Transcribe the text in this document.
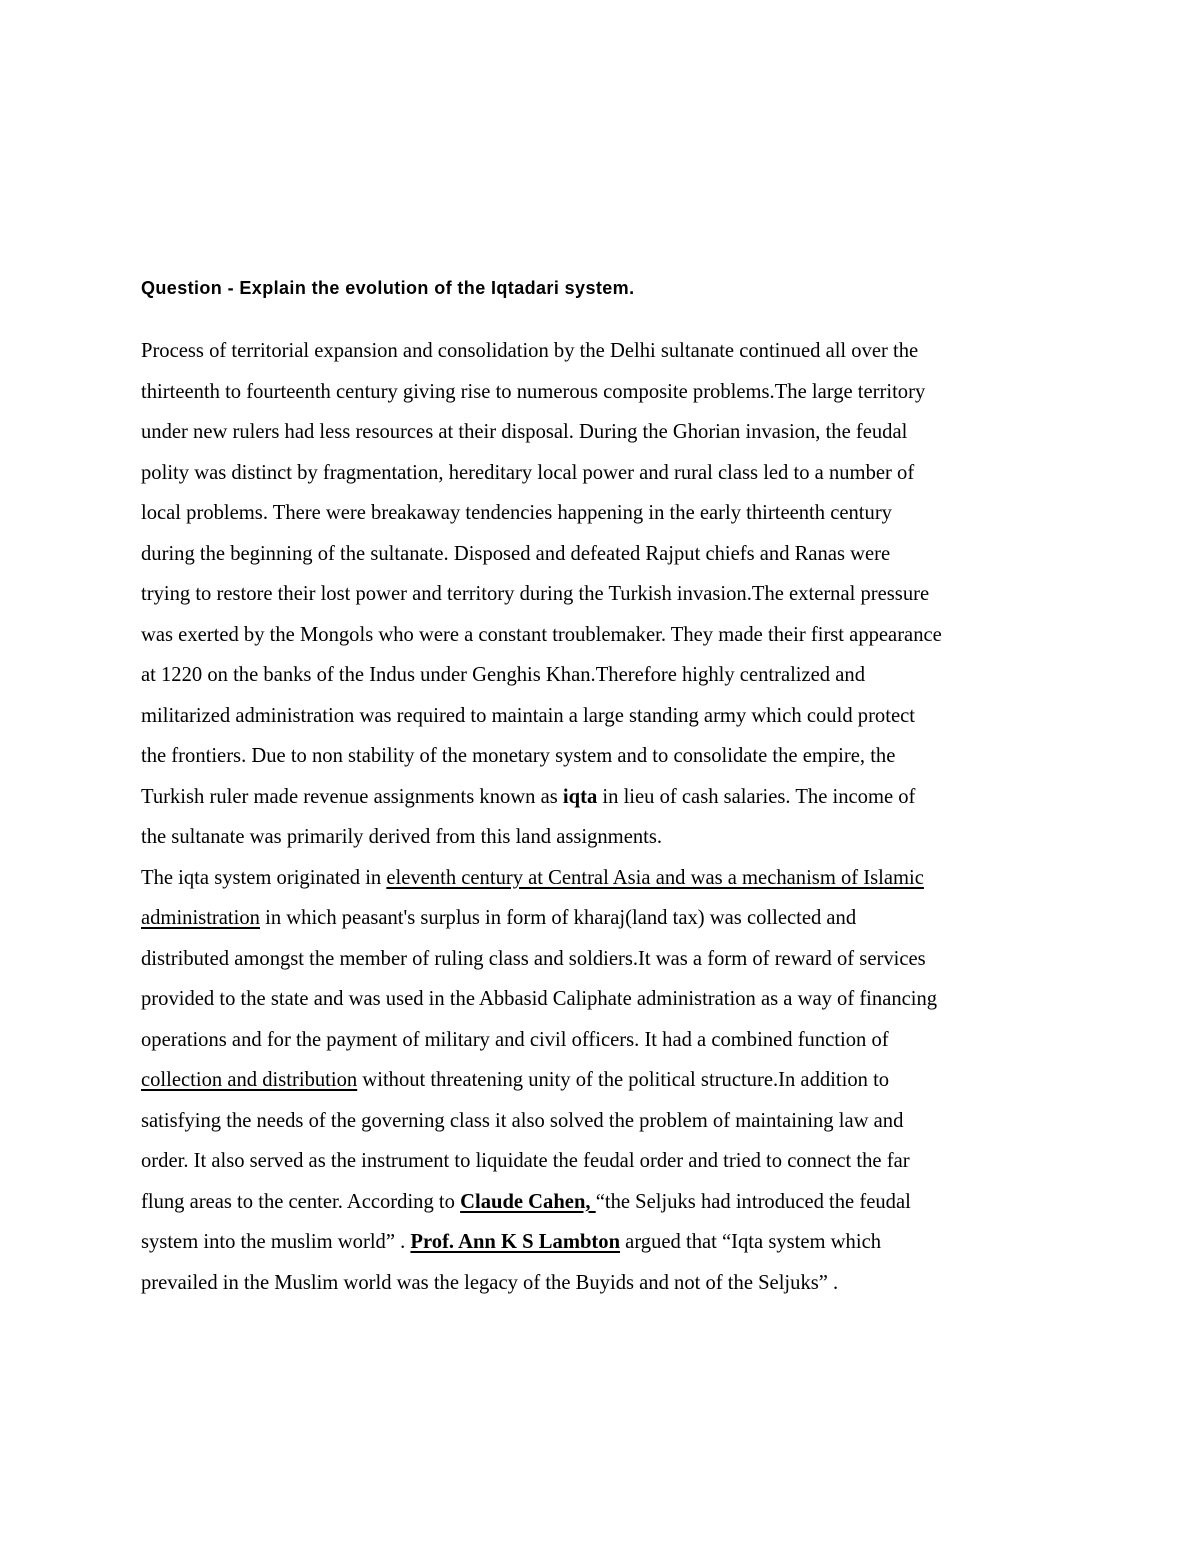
Question - Explain the evolution of the Iqtadari system.

Process of territorial expansion and consolidation by the Delhi sultanate continued all over the
thirteenth to fourteenth century giving rise to numerous composite problems.The large territory
under new rulers had less resources at their disposal. During the Ghorian invasion, the feudal
polity was distinct by fragmentation, hereditary local power and rural class led to a number of
local problems. There were breakaway tendencies happening in the early thirteenth century
during the beginning of the sultanate. Disposed and defeated Rajput chiefs and Ranas were
trying to restore their lost power and territory during the Turkish invasion.The external pressure
was exerted by the Mongols who were a constant troublemaker. They made their first appearance
at 1220 on the banks of the Indus under Genghis Khan.Therefore highly centralized and
militarized administration was required to maintain a large standing army which could protect
the frontiers. Due to non stability of the monetary system and to consolidate the empire, the
Turkish ruler made revenue assignments known as iqta in lieu of cash salaries. The income of
the sultanate was primarily derived from this land assignments.
The iqta system originated in eleventh century at Central Asia and was a mechanism of Islamic
administration in which peasant's surplus in form of kharaj(land tax) was collected and
distributed amongst the member of ruling class and soldiers.It was a form of reward of services
provided to the state and was used in the Abbasid Caliphate administration as a way of financing
operations and for the payment of military and civil officers. It had a combined function of
collection and distribution without threatening unity of the political structure.In addition to
satisfying the needs of the governing class it also solved the problem of maintaining law and
order. It also served as the instrument to liquidate the feudal order and tried to connect the far
flung areas to the center. According to Claude Cahen, “the Seljuks had introduced the feudal
system into the muslim world” . Prof. Ann K S Lambton argued that “Iqta system which
prevailed in the Muslim world was the legacy of the Buyids and not of the Seljuks” .
